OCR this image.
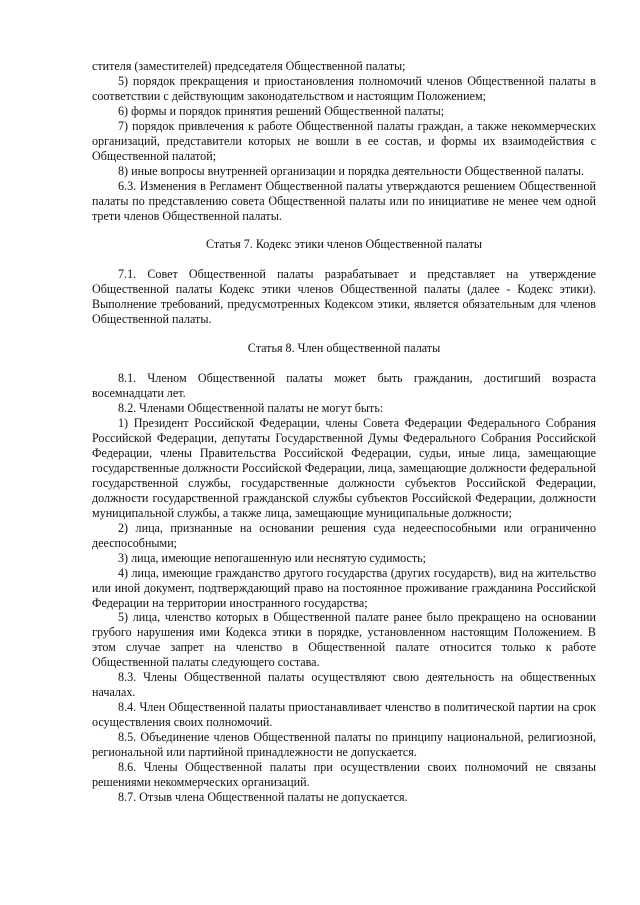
стителя (заместителей) председателя Общественной палаты;

5) порядок прекращения и приостановления полномочий членов Общественной палаты в соответствии с действующим законодательством и настоящим Положением;

6) формы и порядок принятия решений Общественной палаты;

7) порядок привлечения к работе Общественной палаты граждан, а также некоммерческих организаций, представители которых не вошли в ее состав, и формы их взаимодействия с Общественной палатой;

8) иные вопросы внутренней организации и порядка деятельности Общественной палаты.

6.3. Изменения в Регламент Общественной палаты утверждаются решением Общественной палаты по представлению совета Общественной палаты или по инициативе не менее чем одной трети членов Общественной палаты.

Статья 7. Кодекс этики членов Общественной палаты

7.1. Совет Общественной палаты разрабатывает и представляет на утверждение Общественной палаты Кодекс этики членов Общественной палаты (далее - Кодекс этики). Выполнение требований, предусмотренных Кодексом этики, является обязательным для членов Общественной палаты.

Статья 8. Член общественной палаты

8.1. Членом Общественной палаты может быть гражданин, достигший возраста восемнадцати лет.

8.2. Членами Общественной палаты не могут быть:

1) Президент Российской Федерации, члены Совета Федерации Федерального Собрания Российской Федерации, депутаты Государственной Думы Федерального Собрания Российской Федерации, члены Правительства Российской Федерации, судьи, иные лица, замещающие государственные должности Российской Федерации, лица, замещающие должности федеральной государственной службы, государственные должности субъектов Российской Федерации, должности государственной гражданской службы субъектов Российской Федерации, должности муниципальной службы, а также лица, замещающие муниципальные должности;

2) лица, признанные на основании решения суда недееспособными или ограниченно дееспособными;

3) лица, имеющие непогашенную или неснятую судимость;

4) лица, имеющие гражданство другого государства (других государств), вид на жительство или иной документ, подтверждающий право на постоянное проживание гражданина Российской Федерации на территории иностранного государства;

5) лица, членство которых в Общественной палате ранее было прекращено на основании грубого нарушения ими Кодекса этики в порядке, установленном настоящим Положением. В этом случае запрет на членство в Общественной палате относится только к работе Общественной палаты следующего состава.

8.3. Члены Общественной палаты осуществляют свою деятельность на общественных началах.

8.4. Член Общественной палаты приостанавливает членство в политической партии на срок осуществления своих полномочий.

8.5. Объединение членов Общественной палаты по принципу национальной, религиозной, региональной или партийной принадлежности не допускается.

8.6. Члены Общественной палаты при осуществлении своих полномочий не связаны решениями некоммерческих организаций.

8.7. Отзыв члена Общественной палаты не допускается.
